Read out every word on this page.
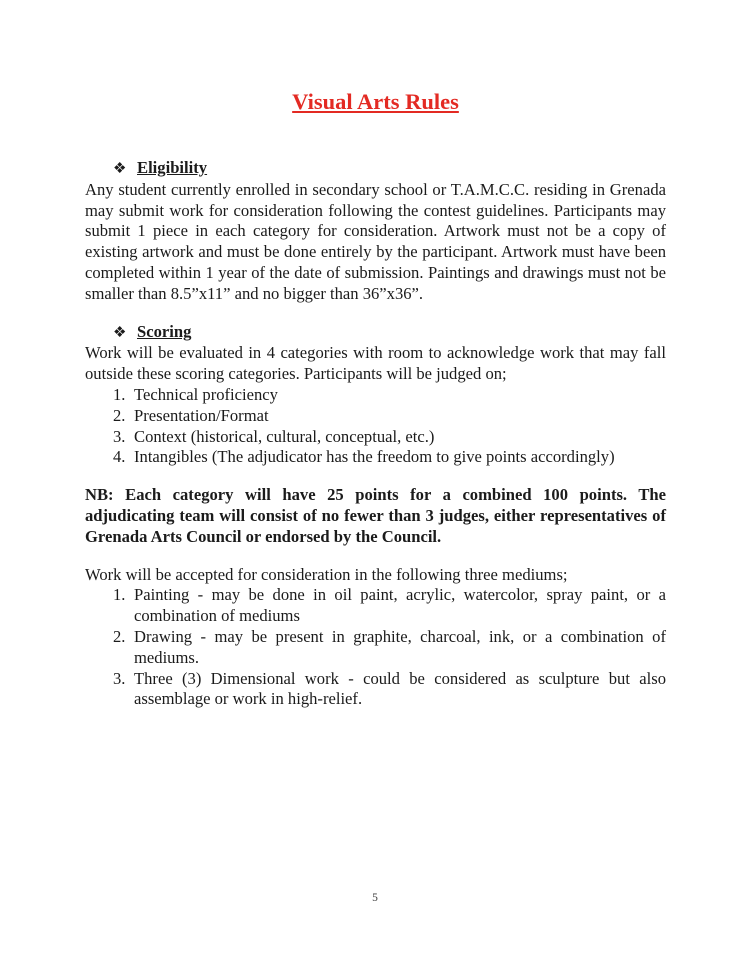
Visual Arts Rules
❖ Eligibility

Any student currently enrolled in secondary school or T.A.M.C.C. residing in Grenada may submit work for consideration following the contest guidelines. Participants may submit 1 piece in each category for consideration. Artwork must not be a copy of existing artwork and must be done entirely by the participant. Artwork must have been completed within 1 year of the date of submission. Paintings and drawings must not be smaller than 8.5”x11” and no bigger than 36”x36”.

❖ Scoring

Work will be evaluated in 4 categories with room to acknowledge work that may fall outside these scoring categories. Participants will be judged on;

1. Technical proficiency
2. Presentation/Format
3. Context (historical, cultural, conceptual, etc.)
4. Intangibles (The adjudicator has the freedom to give points accordingly)

NB: Each category will have 25 points for a combined 100 points. The adjudicating team will consist of no fewer than 3 judges, either representatives of Grenada Arts Council or endorsed by the Council.

Work will be accepted for consideration in the following three mediums;

1. Painting - may be done in oil paint, acrylic, watercolor, spray paint, or a combination of mediums
2. Drawing - may be present in graphite, charcoal, ink, or a combination of mediums.
3. Three (3) Dimensional work - could be considered as sculpture but also assemblage or work in high-relief.
5
